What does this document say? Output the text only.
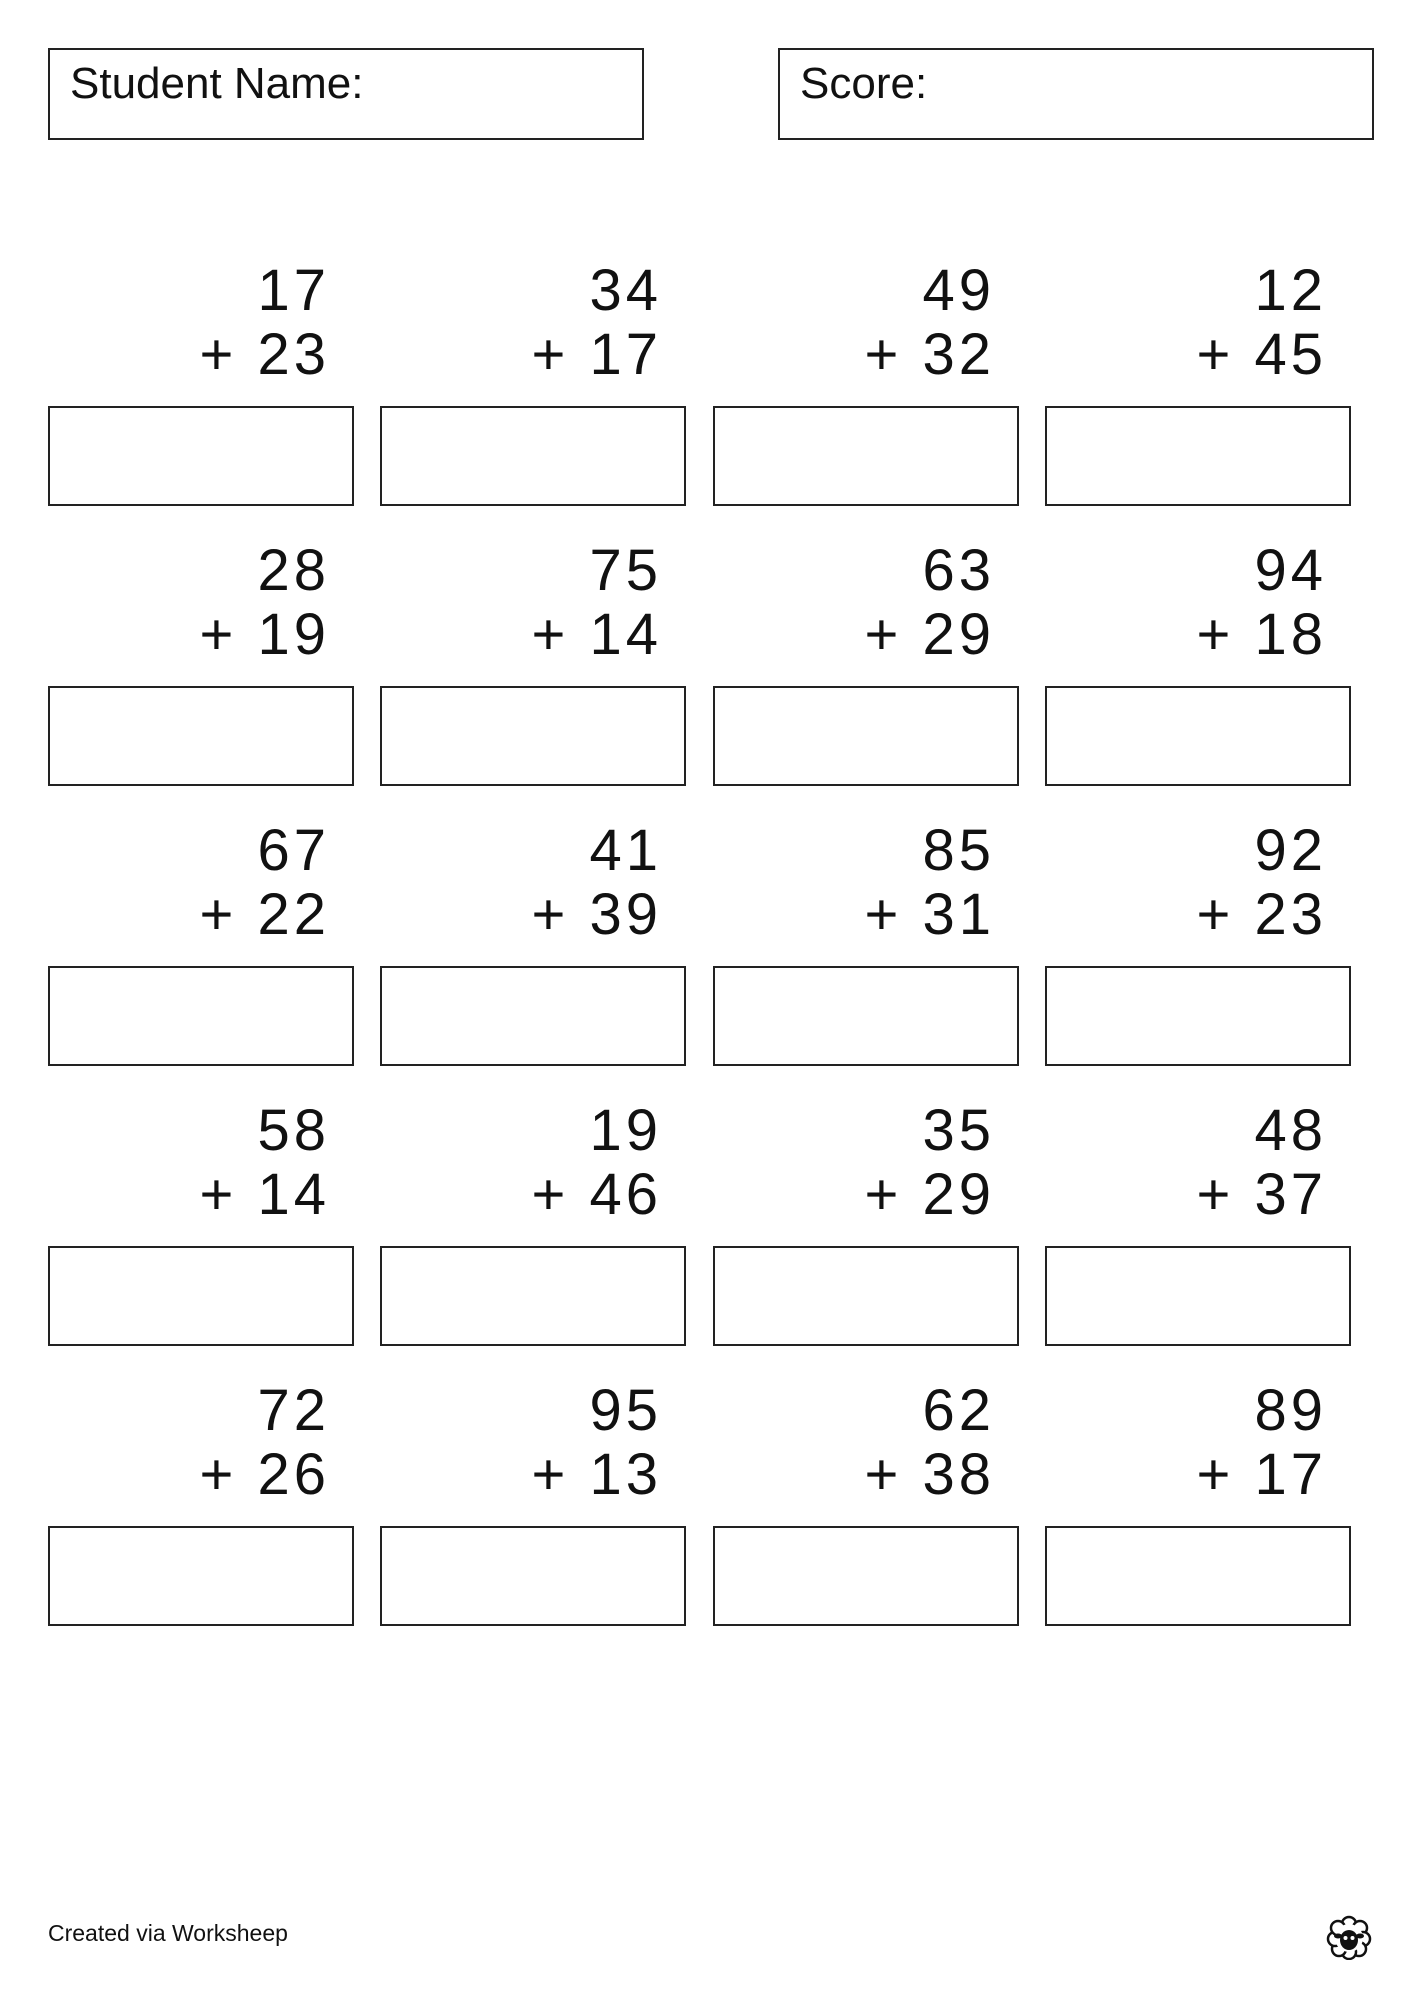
Student Name:	Score:
17
+ 23
34
+ 17
49
+ 32
12
+ 45
28
+ 19
75
+ 14
63
+ 29
94
+ 18
67
+ 22
41
+ 39
85
+ 31
92
+ 23
58
+ 14
19
+ 46
35
+ 29
48
+ 37
72
+ 26
95
+ 13
62
+ 38
89
+ 17
Created via Worksheep
